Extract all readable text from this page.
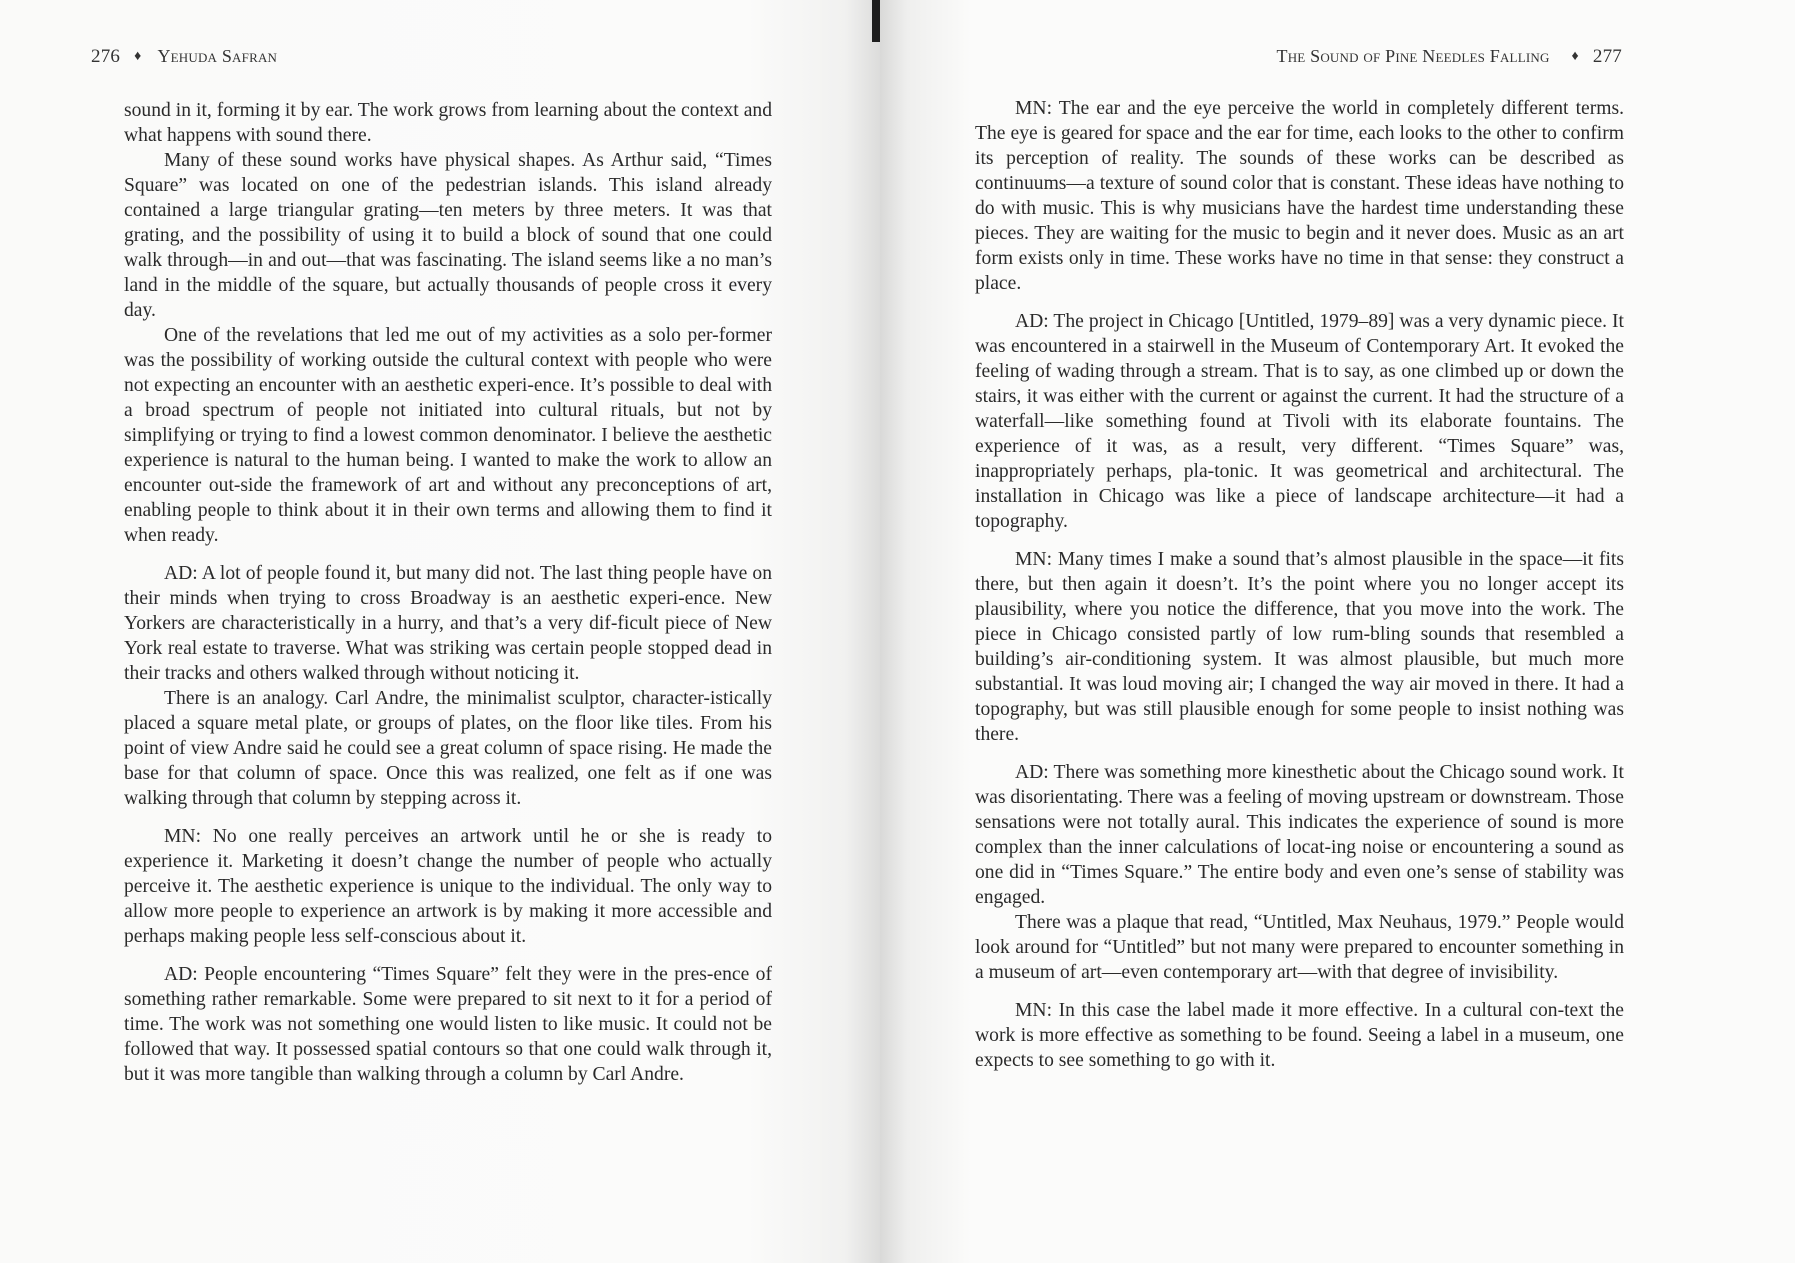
276 ♦ Yehuda Safran

sound in it, forming it by ear. The work grows from learning about the context and what happens with sound there.

Many of these sound works have physical shapes. As Arthur said, “Times Square” was located on one of the pedestrian islands. This island already contained a large triangular grating—ten meters by three meters. It was that grating, and the possibility of using it to build a block of sound that one could walk through—in and out—that was fascinating. The island seems like a no man’s land in the middle of the square, but actually thousands of people cross it every day.

One of the revelations that led me out of my activities as a solo per-former was the possibility of working outside the cultural context with people who were not expecting an encounter with an aesthetic experi-ence. It’s possible to deal with a broad spectrum of people not initiated into cultural rituals, but not by simplifying or trying to find a lowest common denominator. I believe the aesthetic experience is natural to the human being. I wanted to make the work to allow an encounter out-side the framework of art and without any preconceptions of art, enabling people to think about it in their own terms and allowing them to find it when ready.

AD: A lot of people found it, but many did not. The last thing people have on their minds when trying to cross Broadway is an aesthetic experi-ence. New Yorkers are characteristically in a hurry, and that’s a very dif-ficult piece of New York real estate to traverse. What was striking was certain people stopped dead in their tracks and others walked through without noticing it.

There is an analogy. Carl Andre, the minimalist sculptor, character-istically placed a square metal plate, or groups of plates, on the floor like tiles. From his point of view Andre said he could see a great column of space rising. He made the base for that column of space. Once this was realized, one felt as if one was walking through that column by stepping across it.

MN: No one really perceives an artwork until he or she is ready to experience it. Marketing it doesn’t change the number of people who actually perceive it. The aesthetic experience is unique to the individual. The only way to allow more people to experience an artwork is by making it more accessible and perhaps making people less self-conscious about it.

AD: People encountering “Times Square” felt they were in the pres-ence of something rather remarkable. Some were prepared to sit next to it for a period of time. The work was not something one would listen to like music. It could not be followed that way. It possessed spatial contours so that one could walk through it, but it was more tangible than walking through a column by Carl Andre.

The Sound of Pine Needles Falling ♦ 277

MN: The ear and the eye perceive the world in completely different terms. The eye is geared for space and the ear for time, each looks to the other to confirm its perception of reality. The sounds of these works can be described as continuums—a texture of sound color that is constant. These ideas have nothing to do with music. This is why musicians have the hardest time understanding these pieces. They are waiting for the music to begin and it never does. Music as an art form exists only in time. These works have no time in that sense: they construct a place.

AD: The project in Chicago [Untitled, 1979–89] was a very dynamic piece. It was encountered in a stairwell in the Museum of Contemporary Art. It evoked the feeling of wading through a stream. That is to say, as one climbed up or down the stairs, it was either with the current or against the current. It had the structure of a waterfall—like something found at Tivoli with its elaborate fountains. The experience of it was, as a result, very different. “Times Square” was, inappropriately perhaps, pla-tonic. It was geometrical and architectural. The installation in Chicago was like a piece of landscape architecture—it had a topography.

MN: Many times I make a sound that’s almost plausible in the space—it fits there, but then again it doesn’t. It’s the point where you no longer accept its plausibility, where you notice the difference, that you move into the work. The piece in Chicago consisted partly of low rum-bling sounds that resembled a building’s air-conditioning system. It was almost plausible, but much more substantial. It was loud moving air; I changed the way air moved in there. It had a topography, but was still plausible enough for some people to insist nothing was there.

AD: There was something more kinesthetic about the Chicago sound work. It was disorientating. There was a feeling of moving upstream or downstream. Those sensations were not totally aural. This indicates the experience of sound is more complex than the inner calculations of locat-ing noise or encountering a sound as one did in “Times Square.” The entire body and even one’s sense of stability was engaged.

There was a plaque that read, “Untitled, Max Neuhaus, 1979.” People would look around for “Untitled” but not many were prepared to encounter something in a museum of art—even contemporary art—with that degree of invisibility.

MN: In this case the label made it more effective. In a cultural con-text the work is more effective as something to be found. Seeing a label in a museum, one expects to see something to go with it.
